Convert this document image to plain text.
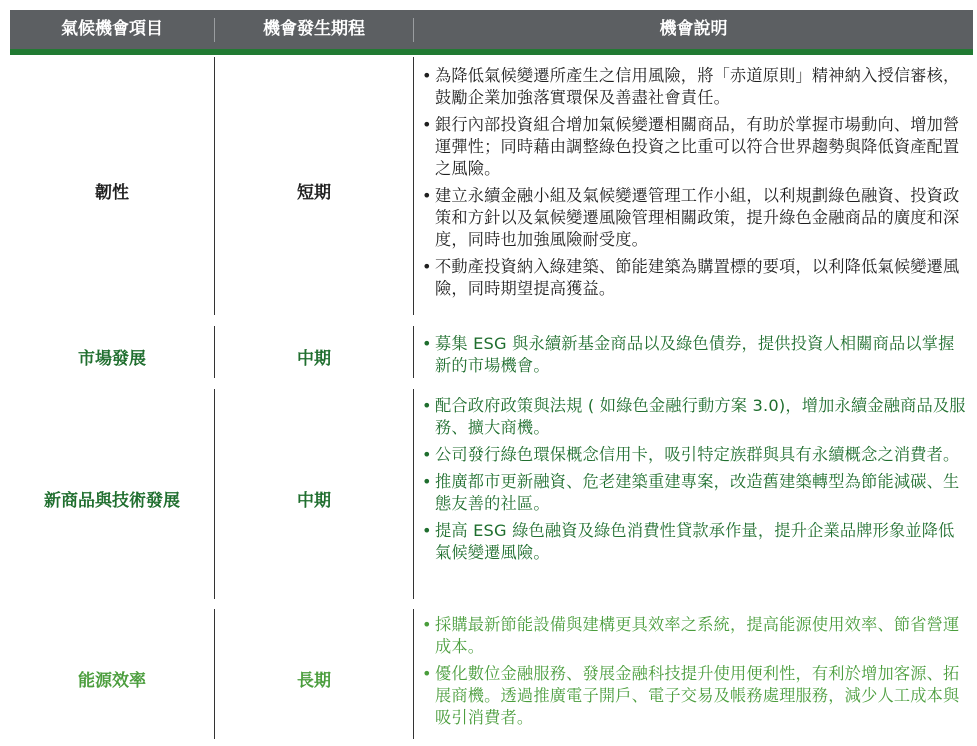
氣候機會項目	機會發生期程	機會說明
韌性	短期
• 為降低氣候變遷所產生之信用風險，將「赤道原則」精神納入授信審核，鼓勵企業加強落實環保及善盡社會責任。
• 銀行內部投資組合增加氣候變遷相關商品，有助於掌握市場動向、增加營運彈性；同時藉由調整綠色投資之比重可以符合世界趨勢與降低資產配置之風險。
• 建立永續金融小組及氣候變遷管理工作小組，以利規劃綠色融資、投資政策和方針以及氣候變遷風險管理相關政策，提升綠色金融商品的廣度和深度，同時也加強風險耐受度。
• 不動產投資納入綠建築、節能建築為購置標的要項，以利降低氣候變遷風險，同時期望提高獲益。
市場發展	中期
• 募集 ESG 與永續新基金商品以及綠色債券，提供投資人相關商品以掌握新的市場機會。
新商品與技術發展	中期
• 配合政府政策與法規 ( 如綠色金融行動方案 3.0)，增加永續金融商品及服務、擴大商機。
• 公司發行綠色環保概念信用卡，吸引特定族群與具有永續概念之消費者。
• 推廣都市更新融資、危老建築重建專案，改造舊建築轉型為節能減碳、生態友善的社區。
• 提高 ESG 綠色融資及綠色消費性貸款承作量，提升企業品牌形象並降低氣候變遷風險。
能源效率	長期
• 採購最新節能設備與建構更具效率之系統，提高能源使用效率、節省營運成本。
• 優化數位金融服務、發展金融科技提升使用便利性，有利於增加客源、拓展商機。透過推廣電子開戶、電子交易及帳務處理服務，減少人工成本與吸引消費者。
